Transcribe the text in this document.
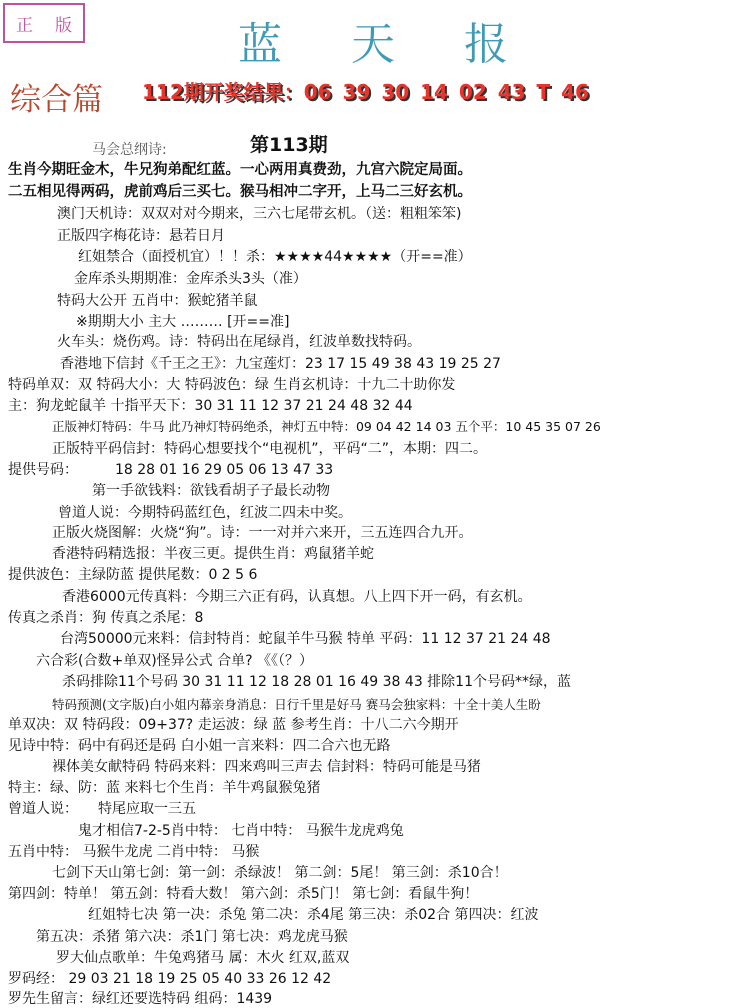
正 版	蓝 天 报
综合篇 112期开奖结果：06 39 30 14 02 43 T 46
第113期
马会总纲诗:
生肖今期旺金木，牛兄狗弟配红蓝。一心两用真费劲，九宫六院定局面。
二五相见得两码，虎前鸡后三买七。猴马相冲二字开，上马二三好玄机。
澳门天机诗：双双对对今期来，三六七尾带玄机。（送：粗粗笨笨)
正版四字梅花诗：悬若日月
红姐禁合（面授机宜）！！杀：★★★★44★★★★（开==准）
金库杀头期期准：金库杀头3头（准）
特码大公开 五肖中：猴蛇猪羊鼠
※期期大小 主大 ……… [开==准]
火车头：烧伤鸡。诗：特码出在尾绿肖，红波单数找特码。
香港地下信封《千王之王》：九宝莲灯：23 17 15 49 38 43 19 25 27
特码单双：双 特码大小：大 特码波色：绿 生肖玄机诗：十九二十助你发
主：狗龙蛇鼠羊 十指平天下：30 31 11 12 37 21 24 48 32 44
正版神灯特码：牛马 此乃神灯特码绝杀，神灯五中特：09 04 42 14 03 五个平：10 45 35 07 26
正版特平码信封：特码心想要找个“电视机”，平码“二”，本期：四二。
提供号码：	18 28 01 16 29 05 06 13 47 33
第一手欲钱料：欲钱看胡子子最长动物
曾道人说：今期特码蓝红色，红波二四未中奖。
正版火烧图解：火烧“狗”。诗：一一对并六来开，三五连四合九开。
香港特码精选报：半夜三更。提供生肖：鸡鼠猪羊蛇
提供波色：主绿防蓝 提供尾数：0 2 5 6
香港6000元传真料：今期三六正有码，认真想。八上四下开一码，有玄机。
传真之杀肖：狗 传真之杀尾：8
台湾50000元来料：信封特肖：蛇鼠羊牛马猴 特单 平码：11 12 37 21 24 48
六合彩(合数+单双)怪异公式 合单? 《《（？）
杀码排除11个号码 30 31 11 12 18 28 01 16 49 38 43 排除11个号码**绿，蓝
特码预测(文字版)白小姐内幕亲身消息：日行千里是好马 赛马会独家料：十全十美人生盼
单双决：双 特码段：09+37? 走运波：绿 蓝 参考生肖：十八二六今期开
见诗中特：码中有码还是码 白小姐一言来料：四二合六也无路
裸体美女献特码 特码来料：四来鸡叫三声去 信封料：特码可能是马猪
特主：绿、防：蓝 来料七个生肖：羊牛鸡鼠猴兔猪
曾道人说： 特尾应取一三五
鬼才相信7-2-5肖中特： 七肖中特： 马猴牛龙虎鸡兔
五肖中特： 马猴牛龙虎 二肖中特： 马猴
七剑下天山第七剑：第一剑：杀绿波！ 第二剑：5尾！ 第三剑：杀10合！
第四剑：特单！ 第五剑：特看大数！ 第六剑：杀5门！ 第七剑：看鼠牛狗！
红姐特七决 第一决：杀兔 第二决：杀4尾 第三决：杀02合 第四决：红波
第五决：杀猪 第六决：杀1门 第七决：鸡龙虎马猴
罗大仙点歌单：牛兔鸡猪马 属：木火 红双,蓝双
罗码经： 29 03 21 18 19 25 05 40 33 26 12 42
罗先生留言：绿红还要选特码 组码：1439
